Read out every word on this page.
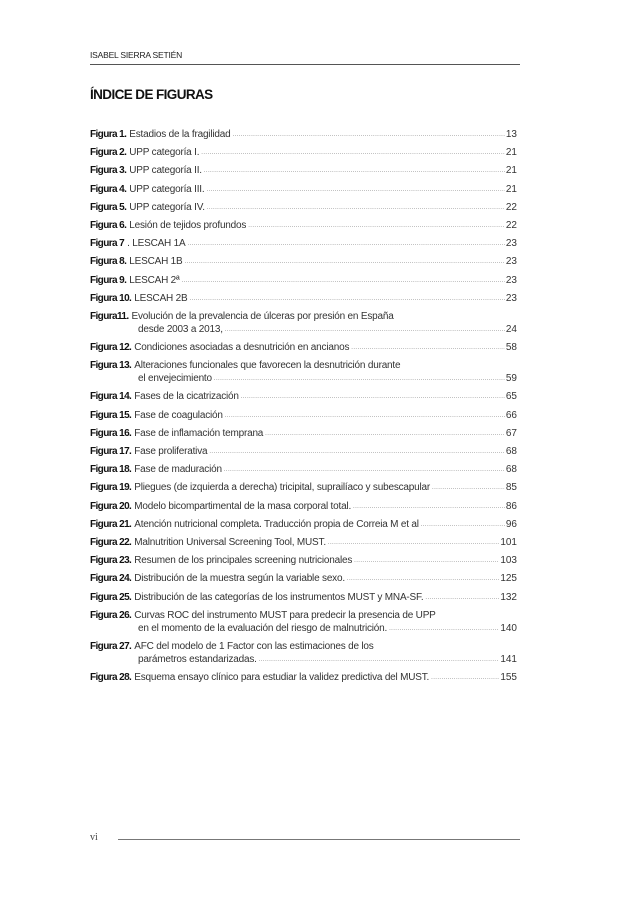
ISABEL SIERRA SETIÉN
ÍNDICE DE FIGURAS
Figura 1. Estadios de la fragilidad .....	13
Figura 2. UPP categoría I. .....	21
Figura 3. UPP categoría II. .....	21
Figura 4. UPP categoría III. .....	21
Figura 5. UPP categoría IV. .....	22
Figura 6. Lesión de tejidos profundos .....	22
Figura 7 . LESCAH 1A .....	23
Figura 8. LESCAH 1B .....	23
Figura 9. LESCAH 2ª .....	23
Figura 10. LESCAH 2B .....	23
Figura11. Evolución de la prevalencia de úlceras por presión en España
desde 2003 a 2013, .....	24
Figura 12. Condiciones asociadas a desnutrición en ancianos .....	58
Figura 13. Alteraciones funcionales que favorecen la desnutrición durante
el envejecimiento .....	59
Figura 14. Fases de la cicatrización .....	65
Figura 15. Fase de coagulación .....	66
Figura 16. Fase de inflamación temprana .....	67
Figura 17. Fase proliferativa .....	68
Figura 18. Fase de maduración .....	68
Figura 19. Pliegues (de izquierda a derecha) tricipital, suprailíaco y subescapular .....	85
Figura 20. Modelo bicompartimental de la masa corporal total. .....	86
Figura 21. Atención nutricional completa. Traducción propia de Correia M et al .....	96
Figura 22. Malnutrition Universal Screening Tool, MUST. .....	101
Figura 23. Resumen de los principales screening nutricionales .....	103
Figura 24. Distribución de la muestra según la variable sexo. .....	125
Figura 25. Distribución de las categorías de los instrumentos MUST y MNA-SF. .....	132
Figura 26. Curvas ROC del instrumento MUST para predecir la presencia de UPP
en el momento de la evaluación del riesgo de malnutrición. .....	140
Figura 27. AFC del modelo de 1 Factor con las estimaciones de los
parámetros estandarizadas. .....	141
Figura 28. Esquema ensayo clínico para estudiar la validez predictiva del MUST. .....	155
vi
